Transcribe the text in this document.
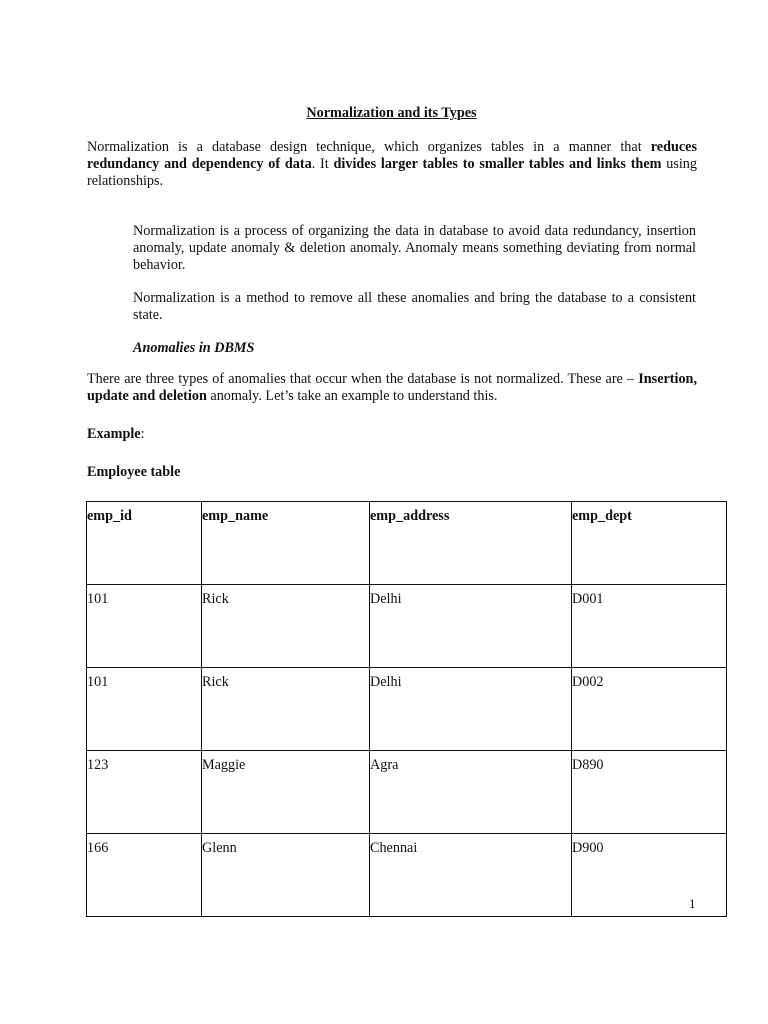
Normalization and its Types

Normalization is a database design technique, which organizes tables in a manner that reduces redundancy and dependency of data. It divides larger tables to smaller tables and links them using relationships.

Normalization is a process of organizing the data in database to avoid data redundancy, insertion anomaly, update anomaly & deletion anomaly. Anomaly means something deviating from normal behavior.

Normalization is a method to remove all these anomalies and bring the database to a consistent state.

Anomalies in DBMS

There are three types of anomalies that occur when the database is not normalized. These are – Insertion, update and deletion anomaly. Let’s take an example to understand this.

Example:
Employee table
emp_id	emp_name	emp_address	emp_dept
101	Rick	Delhi	D001
101	Rick	Delhi	D002
123	Maggie	Agra	D890
166	Glenn	Chennai	D900
1
